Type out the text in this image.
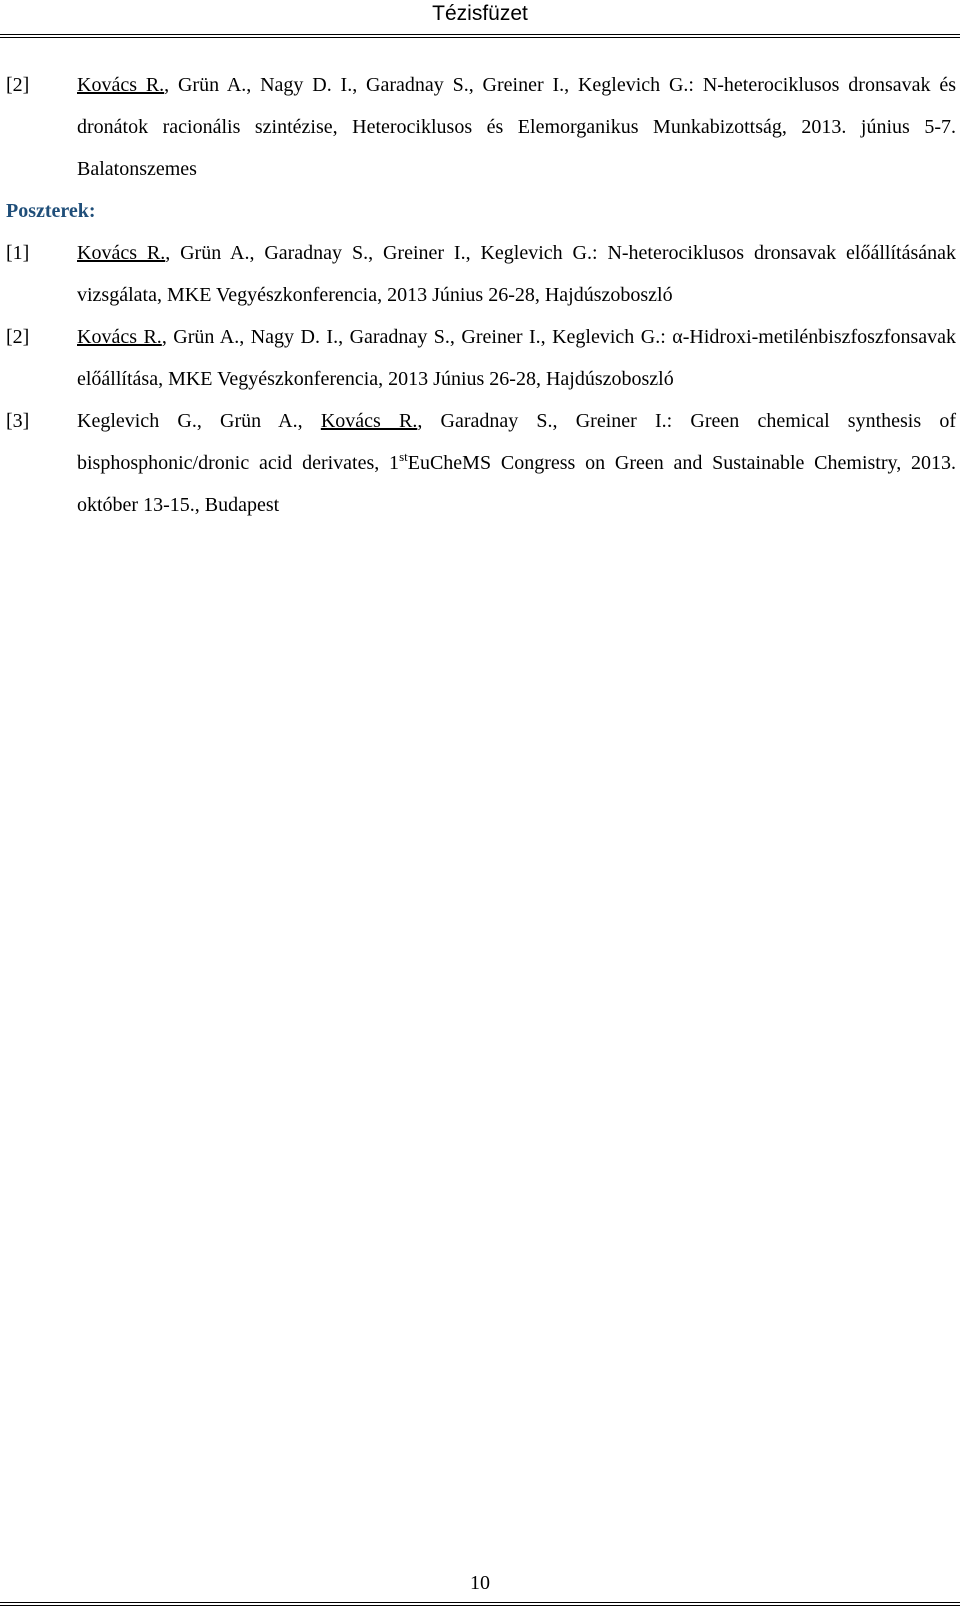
Tézisfüzet
[2] Kovács R., Grün A., Nagy D. I., Garadnay S., Greiner I., Keglevich G.: N-heterociklusos dronsavak és dronátok racionális szintézise, Heterociklusos és Elemorganikus Munkabizottság, 2013. június 5-7. Balatonszemes
Poszterek:
[1] Kovács R., Grün A., Garadnay S., Greiner I., Keglevich G.: N-heterociklusos dronsavak előállításának vizsgálata, MKE Vegyészkonferencia, 2013 Június 26-28, Hajdúszoboszló
[2] Kovács R., Grün A., Nagy D. I., Garadnay S., Greiner I., Keglevich G.: α-Hidroxi-metilénbiszfoszfonsavak előállítása, MKE Vegyészkonferencia, 2013 Június 26-28, Hajdúszoboszló
[3] Keglevich G., Grün A., Kovács R., Garadnay S., Greiner I.: Green chemical synthesis of bisphosphonic/dronic acid derivates, 1stEuCheMS Congress on Green and Sustainable Chemistry, 2013. október 13-15., Budapest
10
